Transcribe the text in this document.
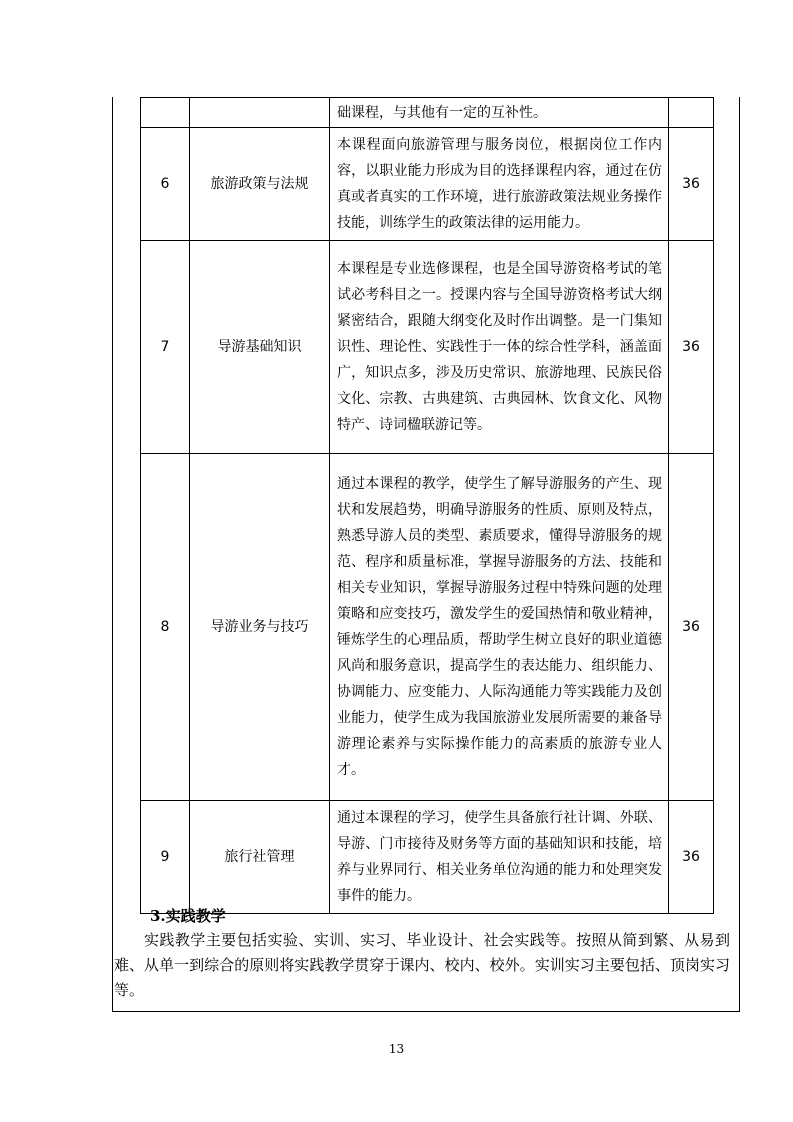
		础课程，与其他有一定的互补性。	
6	旅游政策与法规	本课程面向旅游管理与服务岗位，根据岗位工作内容，以职业能力形成为目的选择课程内容，通过在仿真或者真实的工作环境，进行旅游政策法规业务操作技能，训练学生的政策法律的运用能力。	36
7	导游基础知识	本课程是专业选修课程，也是全国导游资格考试的笔试必考科目之一。授课内容与全国导游资格考试大纲紧密结合，跟随大纲变化及时作出调整。是一门集知识性、理论性、实践性于一体的综合性学科，涵盖面广，知识点多，涉及历史常识、旅游地理、民族民俗文化、宗教、古典建筑、古典园林、饮食文化、风物特产、诗词楹联游记等。	36
8	导游业务与技巧	通过本课程的教学，使学生了解导游服务的产生、现状和发展趋势，明确导游服务的性质、原则及特点，熟悉导游人员的类型、素质要求，懂得导游服务的规范、程序和质量标准，掌握导游服务的方法、技能和相关专业知识，掌握导游服务过程中特殊问题的处理策略和应变技巧，激发学生的爱国热情和敬业精神，锤炼学生的心理品质，帮助学生树立良好的职业道德风尚和服务意识，提高学生的表达能力、组织能力、协调能力、应变能力、人际沟通能力等实践能力及创业能力，使学生成为我国旅游业发展所需要的兼备导游理论素养与实际操作能力的高素质的旅游专业人才。	36
9	旅行社管理	通过本课程的学习，使学生具备旅行社计调、外联、导游、门市接待及财务等方面的基础知识和技能，培养与业界同行、相关业务单位沟通的能力和处理突发事件的能力。	36
3.实践教学

实践教学主要包括实验、实训、实习、毕业设计、社会实践等。按照从简到繁、从易到难、从单一到综合的原则将实践教学贯穿于课内、校内、校外。实训实习主要包括、顶岗实习等。

13
